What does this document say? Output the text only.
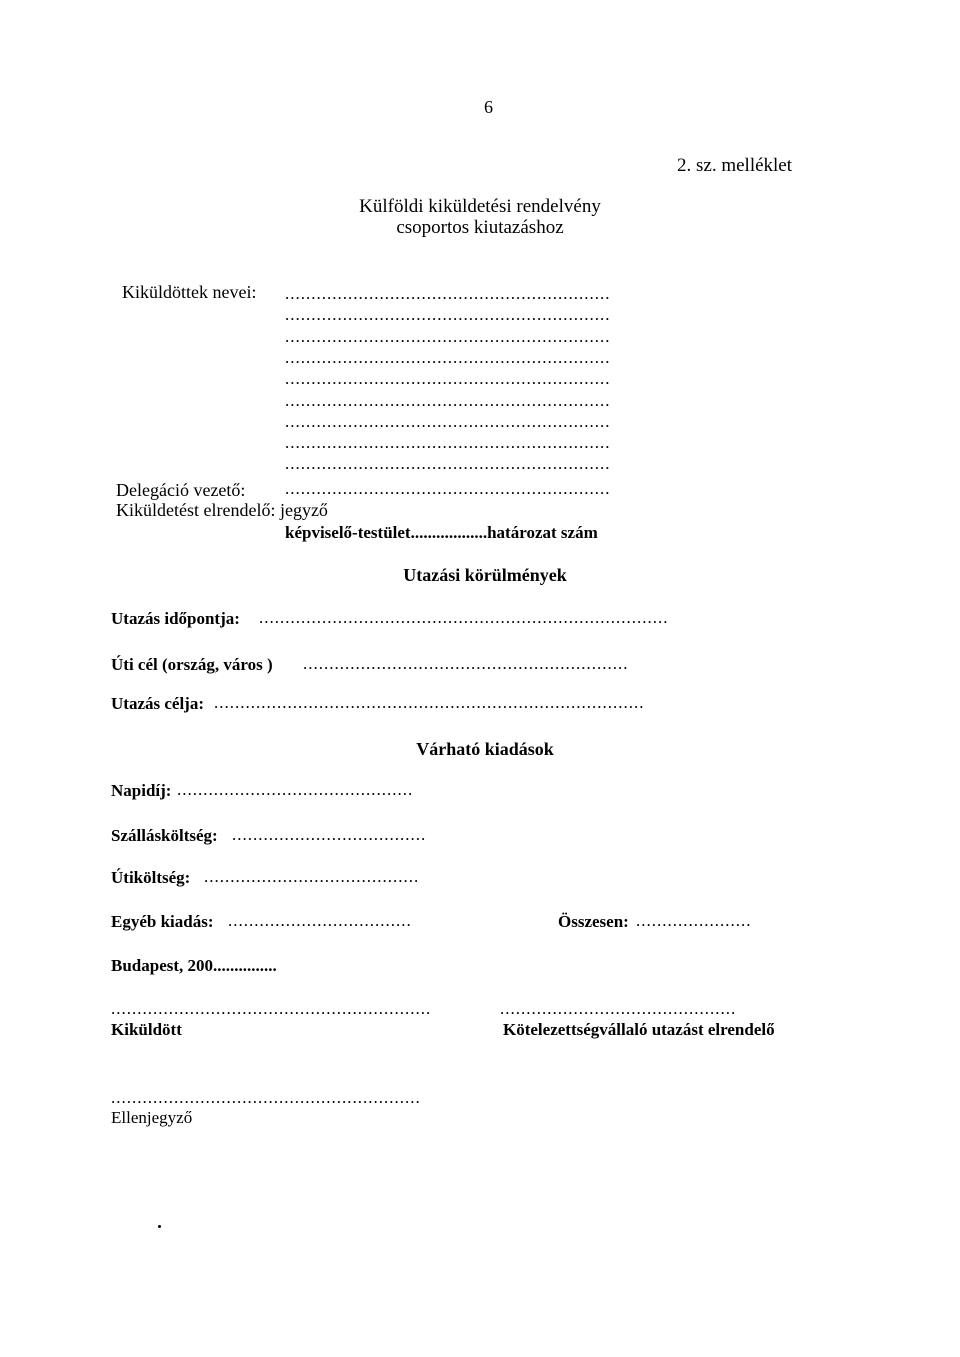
6
2. sz. melléklet
Külföldi kiküldetési rendelvény
csoportos kiutazáshoz
Kiküldöttek nevei: ..............................................................
..............................................................
..............................................................
..............................................................
..............................................................
..............................................................
..............................................................
..............................................................
..............................................................
Delegáció vezető: ..............................................................
Kiküldetést elrendelő: jegyző
képviselő-testület..................határozat szám
Utazási körülmények
Utazás időpontja: ..............................................................................
Úti cél (ország, város ) ..............................................................
Utazás célja: ..................................................................................
Várható kiadások
Napidíj: .............................................
Szállásköltség: .....................................
Útiköltség: .........................................
Egyéb kiadás: ...................................	Összesen: ......................
Budapest, 200...............
.............................................................	.............................................
Kiküldött	Kötelezettségvállaló utazást elrendelő
...........................................................
Ellenjegyző
